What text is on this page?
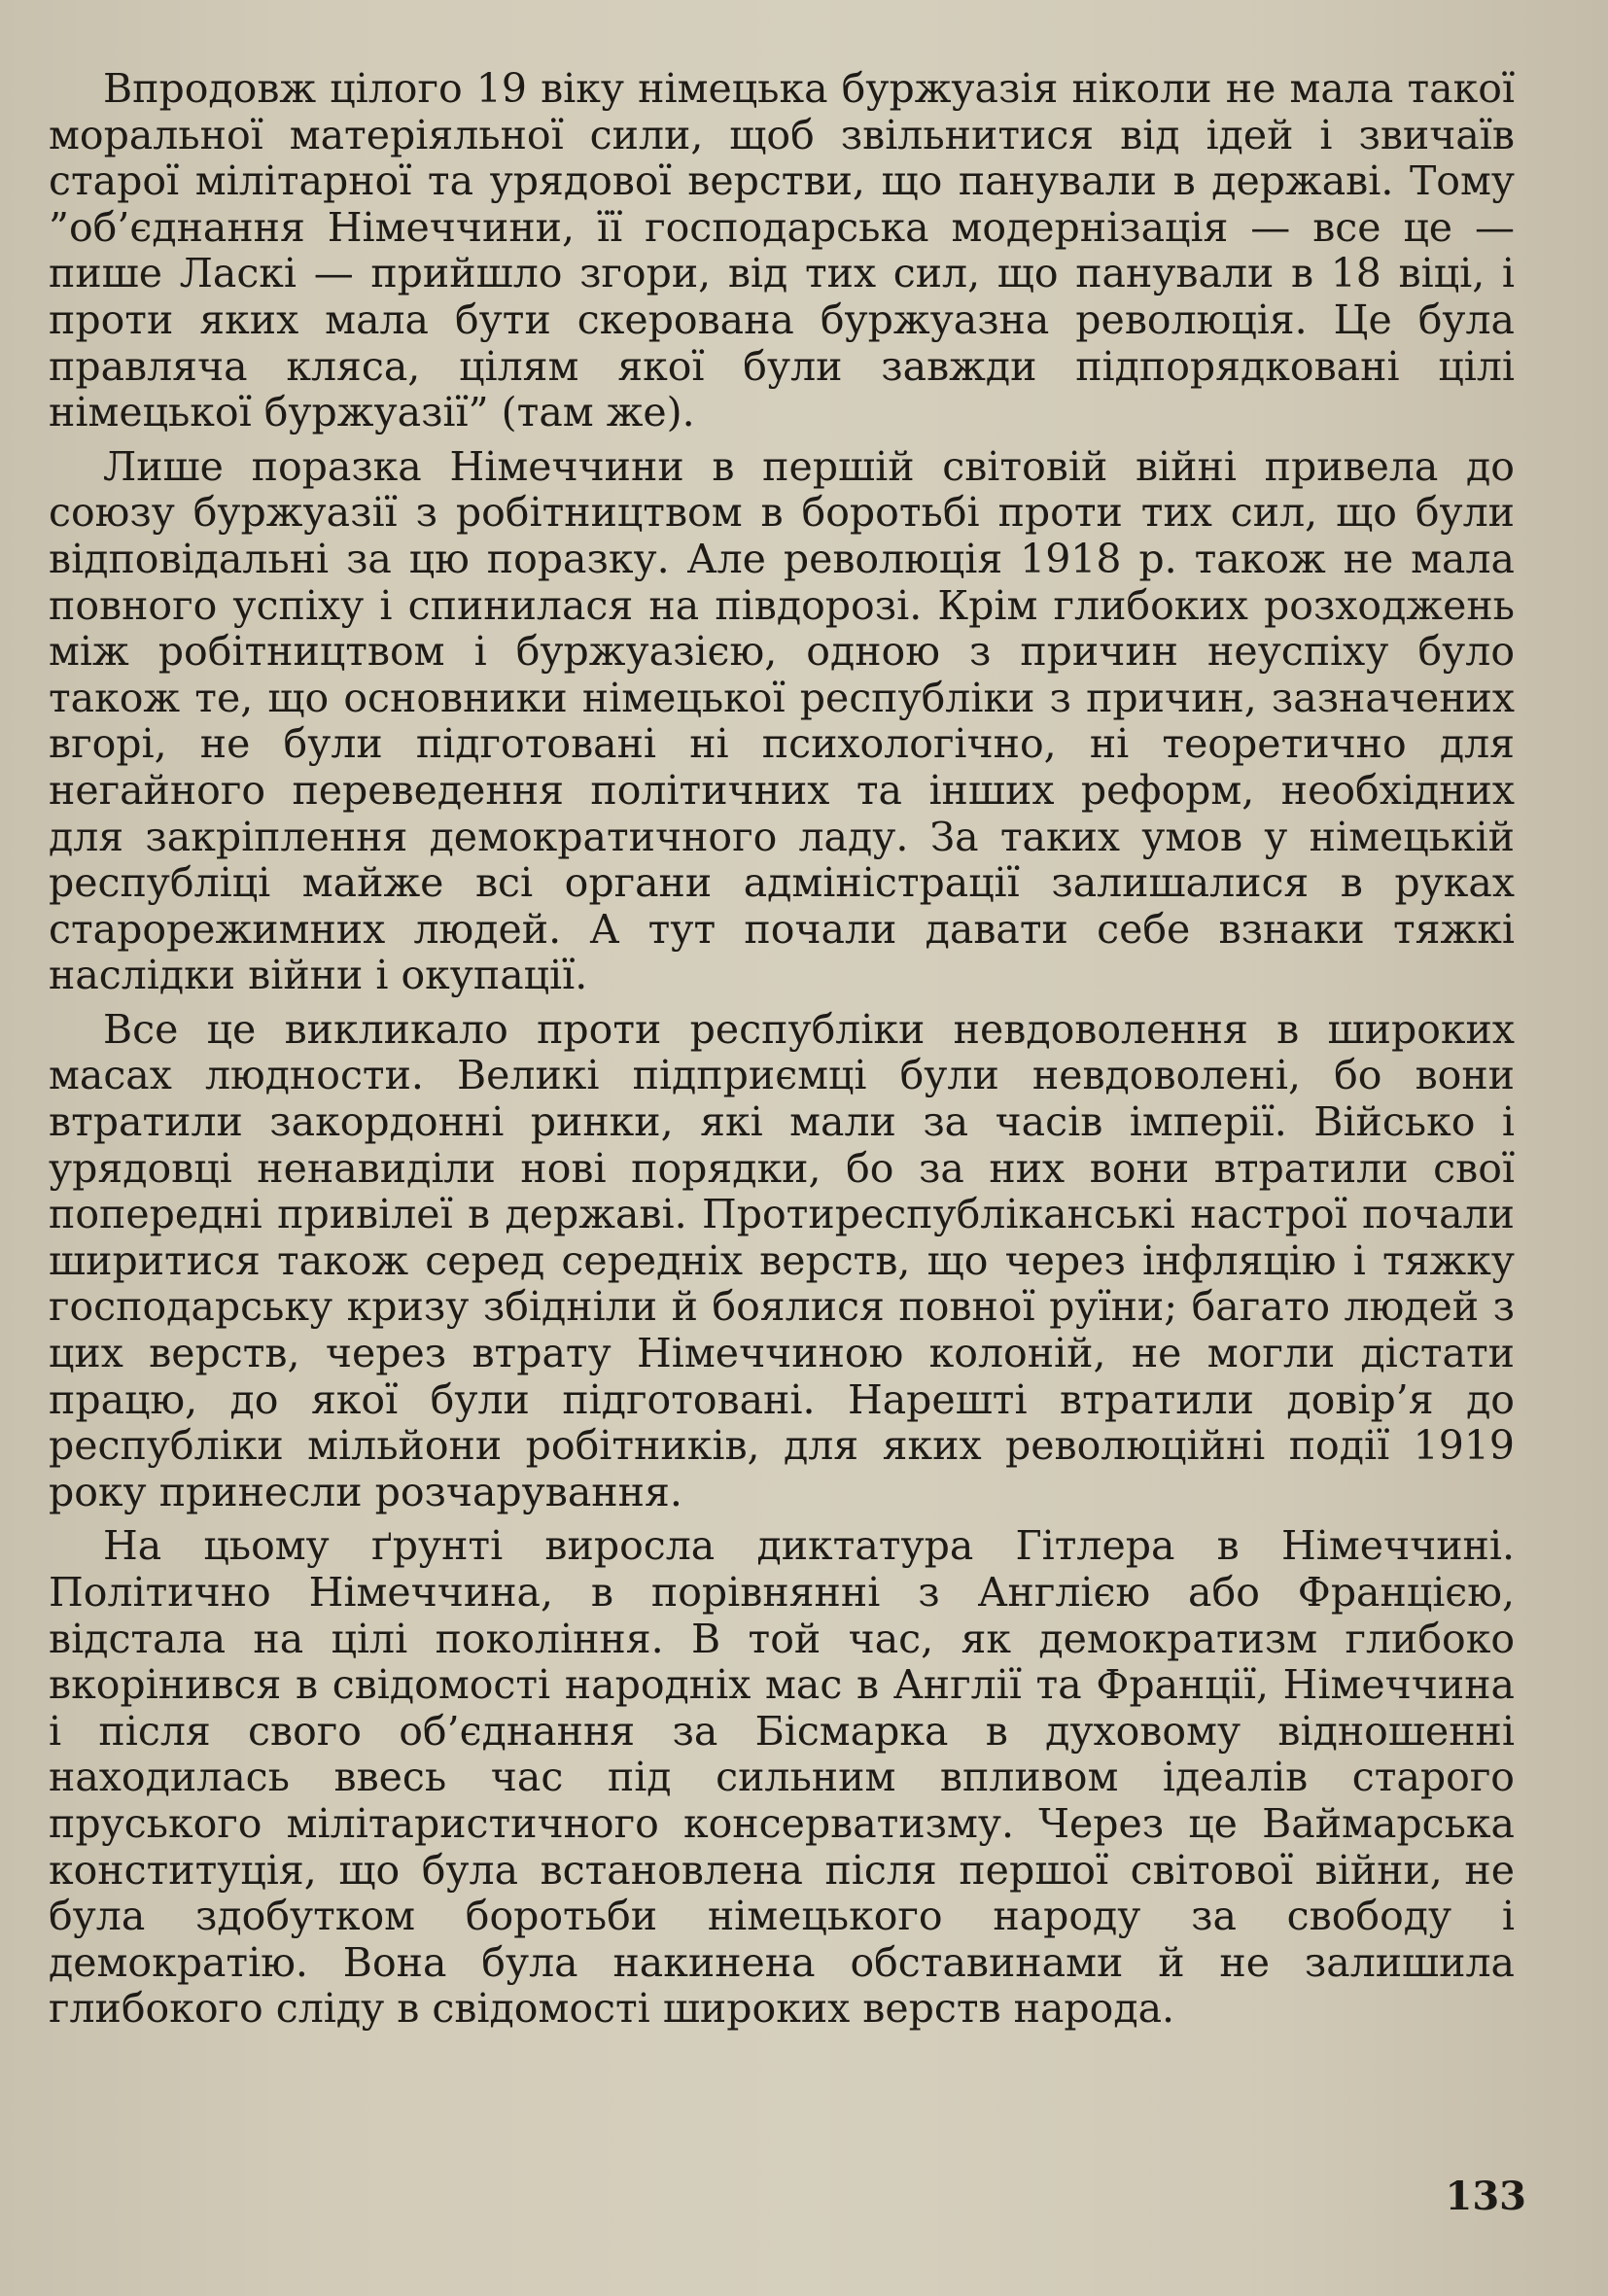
Впродовж цілого 19 віку німецька буржуазія ніколи не мала такої моральної матеріяльної сили, щоб звільнитися від ідей і звичаїв старої мілітарної та урядової верстви, що панували в державі. Тому ”об’єднання Німеччини, її господарська модернізація — все це — пише Ласкі — прийшло згори, від тих сил, що панували в 18 віці, і проти яких мала бути скерована буржуазна революція. Це була правляча кляса, цілям якої були завжди підпорядковані цілі німецької буржуазії” (там же).

Лише поразка Німеччини в першій світовій війні привела до союзу буржуазії з робітництвом в боротьбі проти тих сил, що були відповідальні за цю поразку. Але революція 1918 р. також не мала повного успіху і спинилася на півдорозі. Крім глибоких розходжень між робітництвом і буржуазією, одною з причин неуспіху було також те, що основники німецької республіки з причин, зазначених вгорі, не були підготовані ні психологічно, ні теоретично для негайного переведення політичних та інших реформ, необхідних для закріплення демократичного ладу. За таких умов у німецькій республіці майже всі органи адміністрації залишалися в руках старорежимних людей. А тут почали давати себе взнаки тяжкі наслідки війни і окупації.

Все це викликало проти республіки невдоволення в широких масах людности. Великі підприємці були невдоволені, бо вони втратили закордонні ринки, які мали за часів імперії. Військо і урядовці ненавиділи нові порядки, бо за них вони втратили свої попередні привілеї в державі. Протиреспубліканські настрої почали ширитися також серед середніх верств, що через інфляцію і тяжку господарську кризу збідніли й боялися повної руїни; багато людей з цих верств, через втрату Німеччиною колоній, не могли дістати працю, до якої були підготовані. Нарешті втратили довір’я до республіки мільйони робітників, для яких революційні події 1919 року принесли розчарування.

На цьому ґрунті виросла диктатура Гітлера в Німеччині. Політично Німеччина, в порівнянні з Англією або Францією, відстала на цілі покоління. В той час, як демократизм глибоко вкорінився в свідомості народніх мас в Англії та Франції, Німеччина і після свого об’єднання за Бісмарка в духовому відношенні находилась ввесь час під сильним впливом ідеалів старого пруського мілітаристичного консерватизму. Через це Ваймарська конституція, що була встановлена після першої світової війни, не була здобутком боротьби німецького народу за свободу і демократію. Вона була накинена обставинами й не залишила глибокого сліду в свідомості широких верств народа.

133
